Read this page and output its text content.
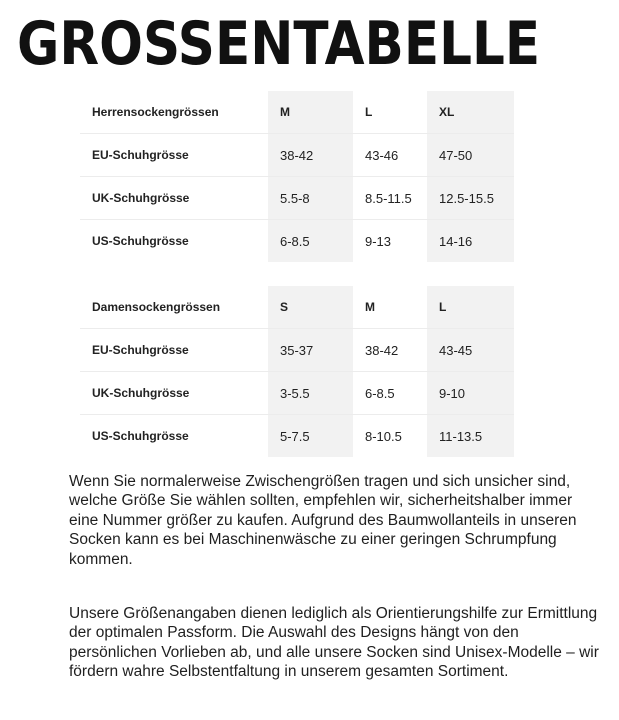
GROSSENTABELLE
Herrensockengrössen	M	L	XL
EU-Schuhgrösse	38-42	43-46	47-50
UK-Schuhgrösse	5.5-8	8.5-11.5	12.5-15.5
US-Schuhgrösse	6-8.5	9-13	14-16
Damensockengrössen	S	M	L
EU-Schuhgrösse	35-37	38-42	43-45
UK-Schuhgrösse	3-5.5	6-8.5	9-10
US-Schuhgrösse	5-7.5	8-10.5	11-13.5

Wenn Sie normalerweise Zwischengrößen tragen und sich unsicher sind, welche Größe Sie wählen sollten, empfehlen wir, sicherheitshalber immer eine Nummer größer zu kaufen. Aufgrund des Baumwollanteils in unseren Socken kann es bei Maschinenwäsche zu einer geringen Schrumpfung kommen.

Unsere Größenangaben dienen lediglich als Orientierungshilfe zur Ermittlung der optimalen Passform. Die Auswahl des Designs hängt von den persönlichen Vorlieben ab, und alle unsere Socken sind Unisex-Modelle – wir fördern wahre Selbstentfaltung in unserem gesamten Sortiment.
